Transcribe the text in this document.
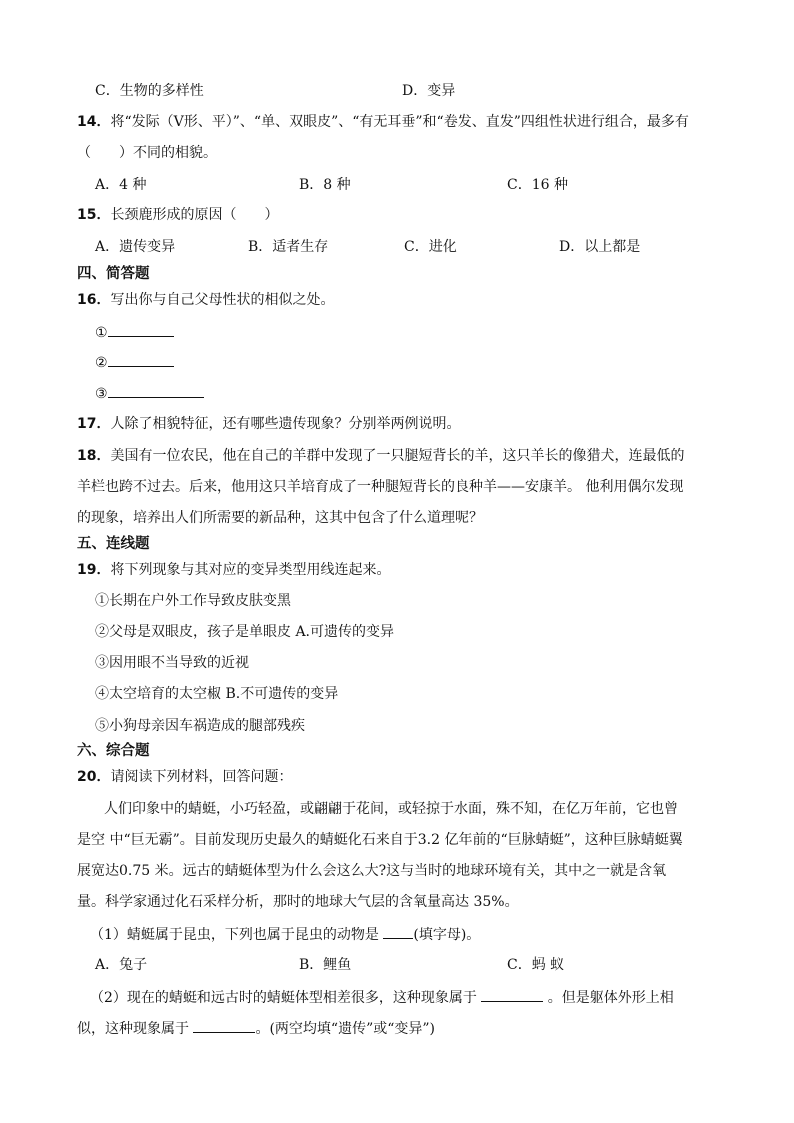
C．生物的多样性	D．变异
14．将“发际（V形、平）”、“单、双眼皮”、“有无耳垂”和“卷发、直发”四组性状进行组合，最多有
（　　）不同的相貌。
A．4 种	B．8 种	C．16 种
15．长颈鹿形成的原因（　　）
A．遗传变异	B．适者生存	C．进化	D．以上都是
四、简答题
16．写出你与自己父母性状的相似之处。
①
②
③
17．人除了相貌特征，还有哪些遗传现象？分别举两例说明。
18．美国有一位农民，他在自己的羊群中发现了一只腿短背长的羊，这只羊长的像猎犬，连最低的
羊栏也跨不过去。后来，他用这只羊培育成了一种腿短背长的良种羊——安康羊。 他利用偶尔发现
的现象，培养出人们所需要的新品种，这其中包含了什么道理呢？
五、连线题
19．将下列现象与其对应的变异类型用线连起来。
①长期在户外工作导致皮肤变黑
②父母是双眼皮，孩子是单眼皮 A.可遗传的变异
③因用眼不当导致的近视
④太空培育的太空椒 B.不可遗传的变异
⑤小狗母亲因车祸造成的腿部残疾
六、综合题
20．请阅读下列材料，回答问题：
人们印象中的蜻蜓，小巧轻盈，或翩翩于花间，或轻掠于水面，殊不知，在亿万年前，它也曾
是空 中“巨无霸”。目前发现历史最久的蜻蜓化石来自于3.2 亿年前的“巨脉蜻蜓”，这种巨脉蜻蜓翼
展宽达0.75 米。远古的蜻蜓体型为什么会这么大?这与当时的地球环境有关，其中之一就是含氧
量。科学家通过化石采样分析，那时的地球大气层的含氧量高达 35%。
（1）蜻蜓属于昆虫，下列也属于昆虫的动物是 (填字母)。
A．兔子	B．鲤鱼	C．蚂 蚁
（2）现在的蜻蜓和远古时的蜻蜓体型相差很多，这种现象属于	。但是躯体外形上相
似，这种现象属于	。(两空均填“遗传”或“变异”)
